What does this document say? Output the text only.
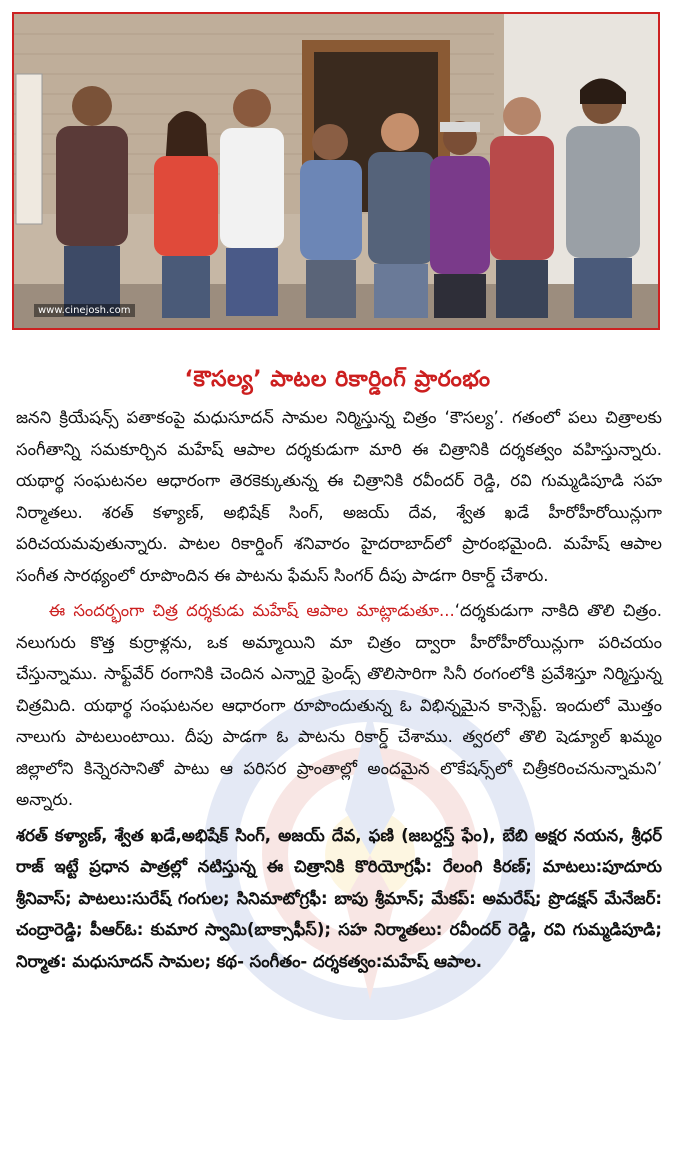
www.cinejosh.com
‘కౌసల్య’ పాటల రికార్డింగ్‌ ప్రారంభం

జనని క్రియేషన్స్‌ పతాకంపై మధుసూదన్‌ సామల నిర్మిస్తున్న చిత్రం ‘కౌసల్య’. గతంలో పలు చిత్రాలకు సంగీతాన్ని సమకూర్చిన మహేష్‌ ఆపాల దర్శకుడుగా మారి ఈ చిత్రానికి దర్శకత్వం వహిస్తున్నారు. యథార్థ సంఘటనల ఆధారంగా తెరకెక్కుతున్న ఈ చిత్రానికి రవీందర్‌ రెడ్డి, రవి గుమ్మడిపూడి సహ నిర్మాతలు. శరత్‌ కళ్యాణ్‌, అభిషేక్‌ సింగ్‌, అజయ్‌ దేవ, శ్వేత ఖడే హీరోహీరోయిన్లుగా పరిచయమవుతున్నారు. పాటల రికార్డింగ్‌ శనివారం హైదరాబాద్‌లో ప్రారంభమైంది. మహేష్‌ ఆపాల సంగీత సారథ్యంలో రూపొందిన ఈ పాటను ఫేమస్‌ సింగర్‌ దీపు పాడగా రికార్డ్‌ చేశారు.

ఈ సందర్భంగా చిత్ర దర్శకుడు మహేష్‌ ఆపాల మాట్లాడుతూ...‘దర్శకుడుగా నాకిది తొలి చిత్రం. నలుగురు కొత్త కుర్రాళ్లను, ఒక అమ్మాయిని మా చిత్రం ద్వారా హీరోహీరోయిన్లుగా పరిచయం చేస్తున్నాము. సాఫ్ట్‌వేర్‌ రంగానికి చెందిన ఎన్నారై ఫ్రెండ్స్‌ తొలిసారిగా సినీ రంగంలోకి ప్రవేశిస్తూ నిర్మిస్తున్న చిత్రమిది. యథార్థ సంఘటనల ఆధారంగా రూపొందుతున్న ఓ విభిన్నమైన కాన్సెప్ట్‌. ఇందులో మొత్తం నాలుగు పాటలుంటాయి. దీపు పాడగా ఓ పాటను రికార్డ్‌ చేశాము. త్వరలో తొలి షెడ్యూల్‌ ఖమ్మం జిల్లాలోని కిన్నెరసానితో పాటు ఆ పరిసర ప్రాంతాల్లో అందమైన లొకేషన్స్‌లో చిత్రీకరించనున్నామని’ అన్నారు.

శరత్‌ కళ్యాణ్‌, శ్వేత ఖడే,అభిషేక్‌ సింగ్‌, అజయ్‌ దేవ, ఫణి (జబర్దస్త్‌ ఫేం), బేబి అక్షర నయన, శ్రీధర్‌ రాజ్‌ ఇట్టే ప్రధాన పాత్రల్లో నటిస్తున్న ఈ చిత్రానికి కొరియోగ్రఫీ: రేలంగి కిరణ్‌; మాటలు:పూదూరు శ్రీనివాస్‌; పాటలు:సురేష్‌ గంగుల; సినిమాటోగ్రఫీ: బాపు శ్రీమాన్‌; మేకప్‌: అమరేష్‌; ప్రొడక్షన్‌ మేనేజర్‌: చంద్రారెడ్డి; పీఆర్‌ఓ: కుమార స్వామి(బాక్సాఫీస్‌); సహ నిర్మాతలు: రవీందర్‌ రెడ్డి, రవి గుమ్మడిపూడి; నిర్మాత: మధుసూదన్‌ సామల; కథ- సంగీతం- దర్శకత్వం:మహేష్‌ ఆపాల.
